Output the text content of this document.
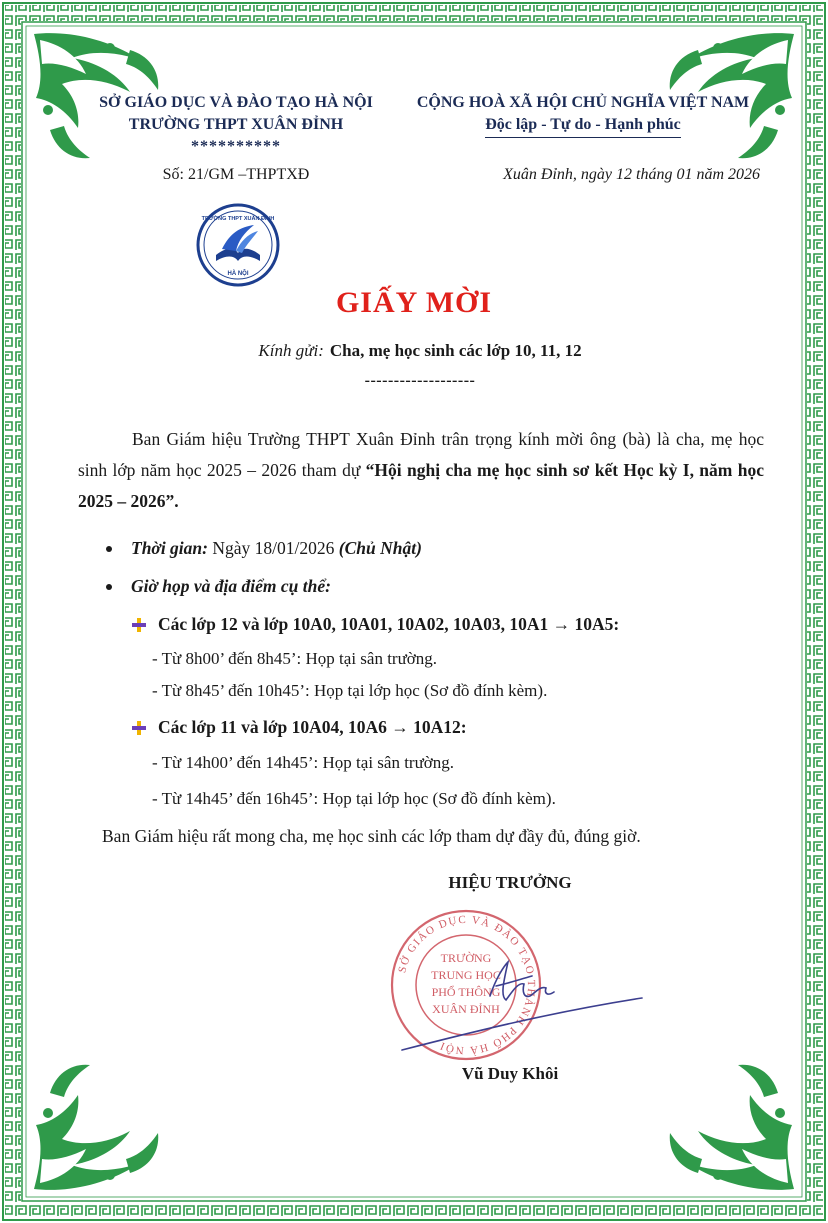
SỞ GIÁO DỤC VÀ ĐÀO TẠO HÀ NỘI
TRƯỜNG THPT XUÂN ĐỈNH
**********
CỘNG HOÀ XÃ HỘI CHỦ NGHĨA VIỆT NAM
Độc lập - Tự do - Hạnh phúc
Số: 21/GM –THPTXĐ	Xuân Đỉnh, ngày 12 tháng 01 năm 2026
TRƯỜNG THPT XUÂN ĐỈNH
HÀ NỘI
GIẤY MỜI
Kính gửi: Cha, mẹ học sinh các lớp 10, 11, 12
-------------------
Ban Giám hiệu Trường THPT Xuân Đỉnh trân trọng kính mời ông (bà) là cha, mẹ học sinh lớp năm học 2025 – 2026 tham dự “Hội nghị cha mẹ học sinh sơ kết Học kỳ I, năm học 2025 – 2026”.
Thời gian: Ngày 18/01/2026 (Chủ Nhật)
Giờ họp và địa điểm cụ thể:
Các lớp 12 và lớp 10A0, 10A01, 10A02, 10A03, 10A1 → 10A5:
- Từ 8h00’ đến 8h45’: Họp tại sân trường.
- Từ 8h45’ đến 10h45’: Họp tại lớp học (Sơ đồ đính kèm).
Các lớp 11 và lớp 10A04, 10A6 → 10A12:
- Từ 14h00’ đến 14h45’: Họp tại sân trường.
- Từ 14h45’ đến 16h45’: Họp tại lớp học (Sơ đồ đính kèm).
Ban Giám hiệu rất mong cha, mẹ học sinh các lớp tham dự đầy đủ, đúng giờ.
HIỆU TRƯỞNG
SỞ GIÁO DỤC VÀ ĐÀO TẠO THÀNH PHỐ HÀ NỘI
TRƯỜNG
TRUNG HỌC
PHỔ THÔNG
XUÂN ĐỈNH
Vũ Duy Khôi
